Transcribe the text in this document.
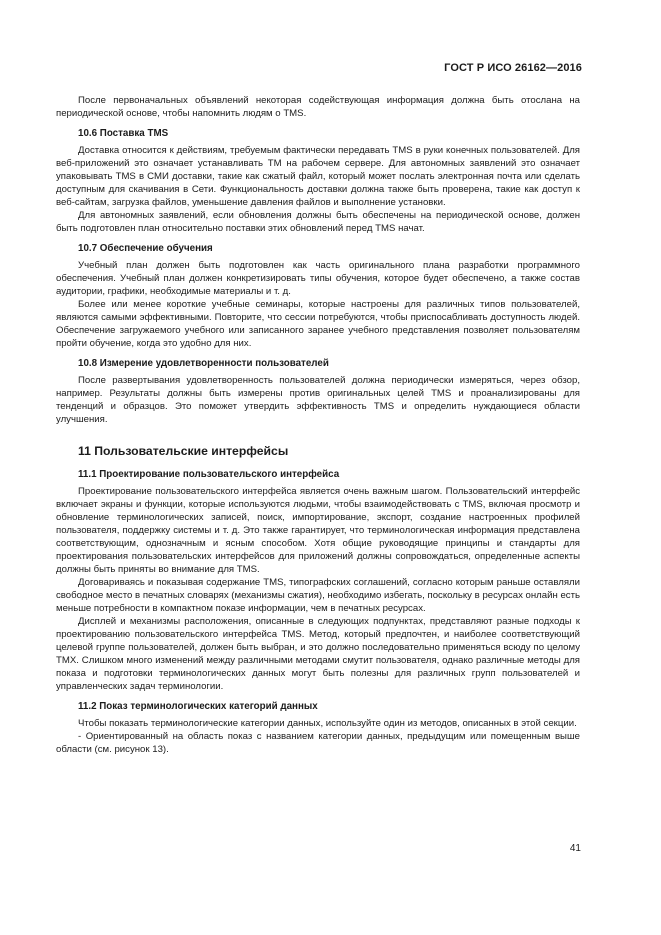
ГОСТ Р ИСО 26162—2016

После первоначальных объявлений некоторая содействующая информация должна быть отослана на периодической основе, чтобы напомнить людям о TMS.

10.6 Поставка TMS

Доставка относится к действиям, требуемым фактически передавать TMS в руки конечных пользователей. Для веб-приложений это означает устанавливать ТМ на рабочем сервере. Для автономных заявлений это означает упаковывать TMS в СМИ доставки, такие как сжатый файл, который может послать электронная почта или сделать доступным для скачивания в Сети. Функциональность доставки должна также быть проверена, такие как доступ к веб-сайтам, загрузка файлов, уменьшение давления файлов и выполнение установки.

Для автономных заявлений, если обновления должны быть обеспечены на периодической основе, должен быть подготовлен план относительно поставки этих обновлений перед TMS начат.

10.7 Обеспечение обучения

Учебный план должен быть подготовлен как часть оригинального плана разработки программного обеспечения. Учебный план должен конкретизировать типы обучения, которое будет обеспечено, а также состав аудитории, графики, необходимые материалы и т. д.

Более или менее короткие учебные семинары, которые настроены для различных типов пользователей, являются самыми эффективными. Повторите, что сессии потребуются, чтобы приспосабливать доступность людей. Обеспечение загружаемого учебного или записанного заранее учебного представления позволяет пользователям пройти обучение, когда это удобно для них.

10.8 Измерение удовлетворенности пользователей

После развертывания удовлетворенность пользователей должна периодически измеряться, через обзор, например. Результаты должны быть измерены против оригинальных целей TMS и проанализированы для тенденций и образцов. Это поможет утвердить эффективность TMS и определить нуждающиеся области улучшения.

11 Пользовательские интерфейсы
11.1 Проектирование пользовательского интерфейса

Проектирование пользовательского интерфейса является очень важным шагом. Пользовательский интерфейс включает экраны и функции, которые используются людьми, чтобы взаимодействовать с TMS, включая просмотр и обновление терминологических записей, поиск, импортирование, экспорт, создание настроенных профилей пользователя, поддержку системы и т. д. Это также гарантирует, что терминологическая информация представлена соответствующим, однозначным и ясным способом. Хотя общие руководящие принципы и стандарты для проектирования пользовательских интерфейсов для приложений должны сопровождаться, определенные аспекты должны быть приняты во внимание для TMS.

Договариваясь и показывая содержание TMS, типографских соглашений, согласно которым раньше оставляли свободное место в печатных словарях (механизмы сжатия), необходимо избегать, поскольку в ресурсах онлайн есть меньше потребности в компактном показе информации, чем в печатных ресурсах.

Дисплей и механизмы расположения, описанные в следующих подпунктах, представляют разные подходы к проектированию пользовательского интерфейса TMS. Метод, который предпочтен, и наиболее соответствующий целевой группе пользователей, должен быть выбран, и это должно последовательно применяться всюду по целому ТМХ. Слишком много изменений между различными методами смутит пользователя, однако различные методы для показа и подготовки терминологических данных могут быть полезны для различных групп пользователей и управленческих задач терминологии.

11.2 Показ терминологических категорий данных

Чтобы показать терминологические категории данных, используйте один из методов, описанных в этой секции.

- Ориентированный на область показ с названием категории данных, предыдущим или помещенным выше области (см. рисунок 13).

41
